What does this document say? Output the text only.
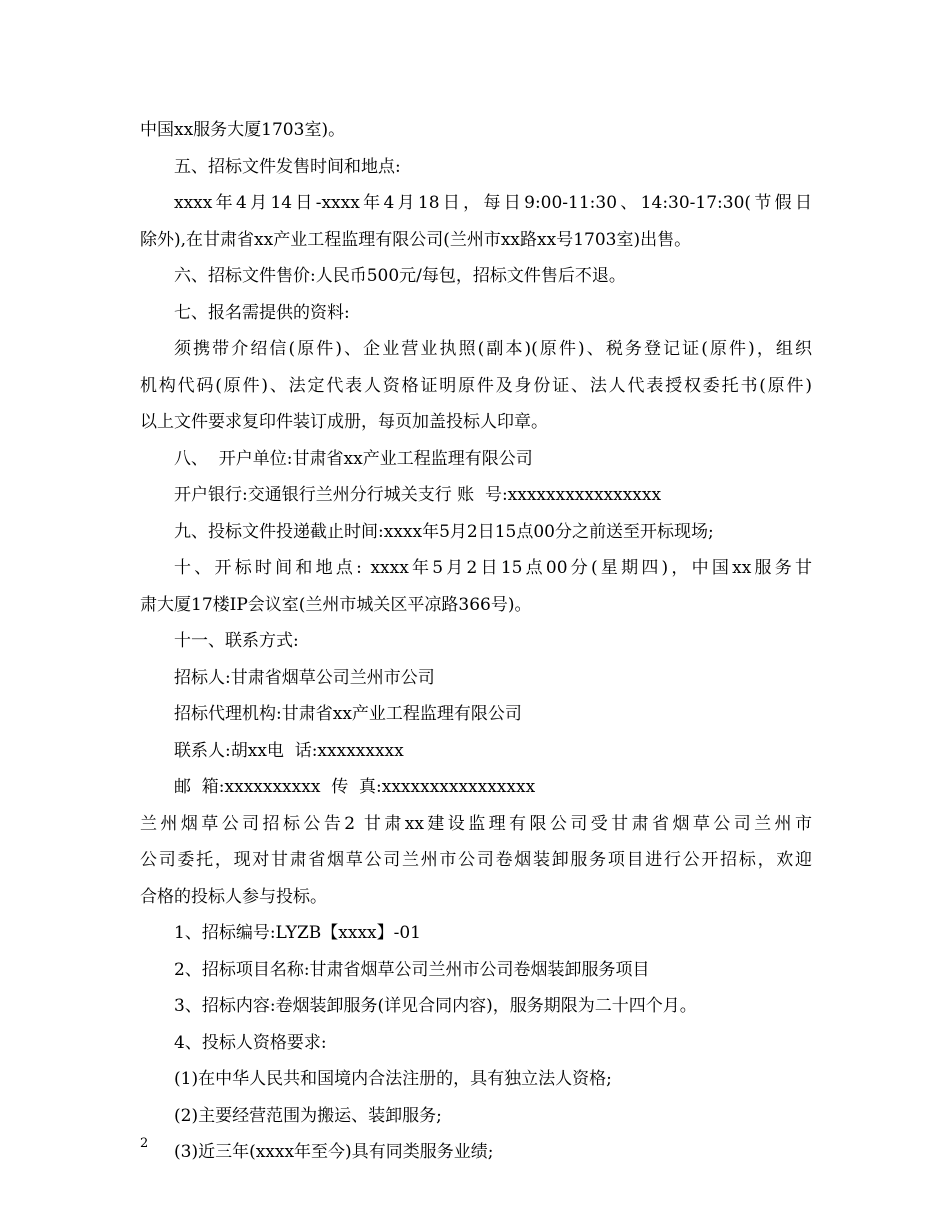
中国xx服务大厦1703室)。
五、招标文件发售时间和地点:
xxxx年4月14日-xxxx年4月18日，每日9:00-11:30、14:30-17:30(节假日
除外),在甘肃省xx产业工程监理有限公司(兰州市xx路xx号1703室)出售。
六、招标文件售价:人民币500元/每包，招标文件售后不退。
七、报名需提供的资料:
须携带介绍信(原件)、企业营业执照(副本)(原件)、税务登记证(原件)，组织
机构代码(原件)、法定代表人资格证明原件及身份证、法人代表授权委托书(原件)
以上文件要求复印件装订成册，每页加盖投标人印章。
八、  开户单位:甘肃省xx产业工程监理有限公司
开户银行:交通银行兰州分行城关支行 账  号:xxxxxxxxxxxxxxxx
九、投标文件投递截止时间:xxxx年5月2日15点00分之前送至开标现场;
十、开标时间和地点: xxxx年5月2日15点00分(星期四)，中国xx服务甘
肃大厦17楼IP会议室(兰州市城关区平凉路366号)。
十一、联系方式:
招标人:甘肃省烟草公司兰州市公司
招标代理机构:甘肃省xx产业工程监理有限公司
联系人:胡xx电  话:xxxxxxxxx
邮  箱:xxxxxxxxxx  传  真:xxxxxxxxxxxxxxxx
兰州烟草公司招标公告2 甘肃xx建设监理有限公司受甘肃省烟草公司兰州市
公司委托，现对甘肃省烟草公司兰州市公司卷烟装卸服务项目进行公开招标，欢迎
合格的投标人参与投标。
1、招标编号:LYZB【xxxx】-01
2、招标项目名称:甘肃省烟草公司兰州市公司卷烟装卸服务项目
3、招标内容:卷烟装卸服务(详见合同内容)，服务期限为二十四个月。
4、投标人资格要求:
(1)在中华人民共和国境内合法注册的，具有独立法人资格;
(2)主要经营范围为搬运、装卸服务;
(3)近三年(xxxx年至今)具有同类服务业绩;
2
